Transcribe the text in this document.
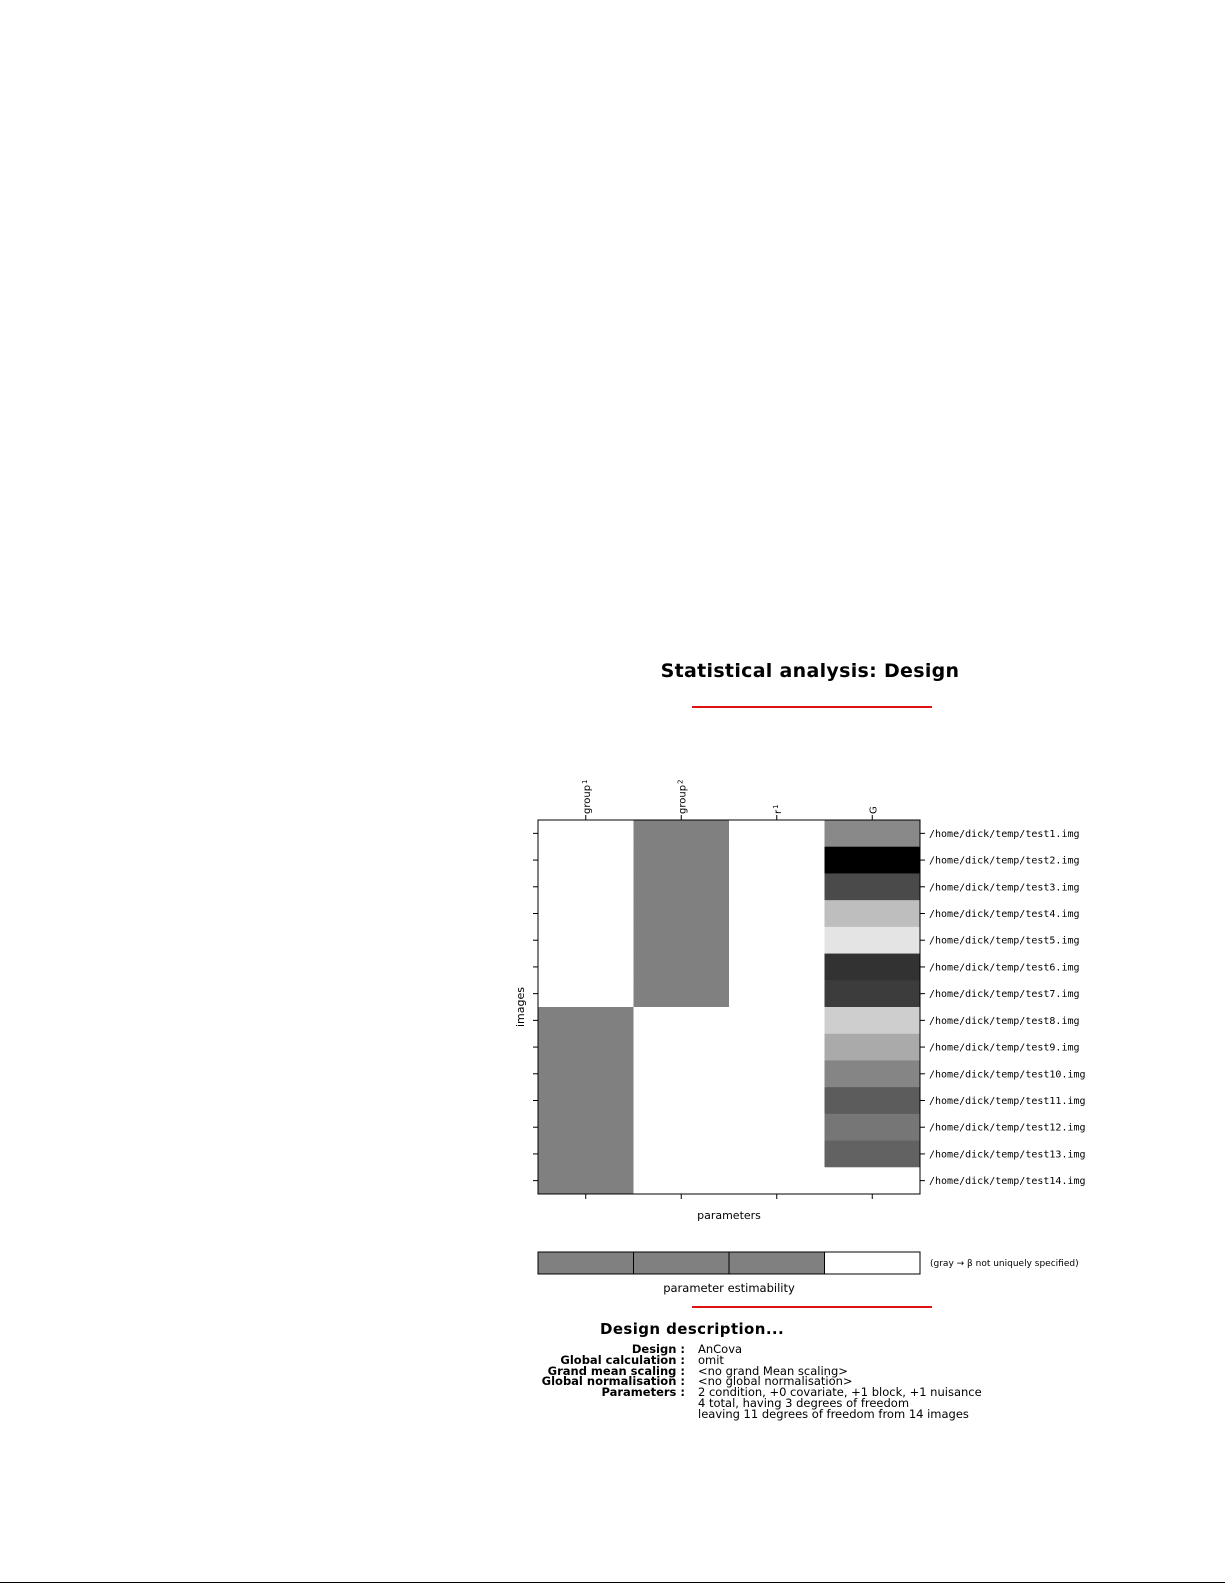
Statistical analysis: Design
/home/dick/temp/test1.img
/home/dick/temp/test2.img
/home/dick/temp/test3.img
/home/dick/temp/test4.img
/home/dick/temp/test5.img
/home/dick/temp/test6.img
/home/dick/temp/test7.img
/home/dick/temp/test8.img
/home/dick/temp/test9.img
/home/dick/temp/test10.img
/home/dick/temp/test11.img
/home/dick/temp/test12.img
/home/dick/temp/test13.img
/home/dick/temp/test14.img
group$^1$
group$^2$
$r^1$	G
images
parameters
(gray → β not uniquely specified)
parameter estimability
Design description...
Design :
Global calculation :
Grand mean scaling :
Global normalisation :
Parameters :
AnCova
omit
<no grand Mean scaling>
<no global normalisation>
2 condition, +0 covariate, +1 block, +1 nuisance
4 total, having 3 degrees of freedom
leaving 11 degrees of freedom from 14 images
